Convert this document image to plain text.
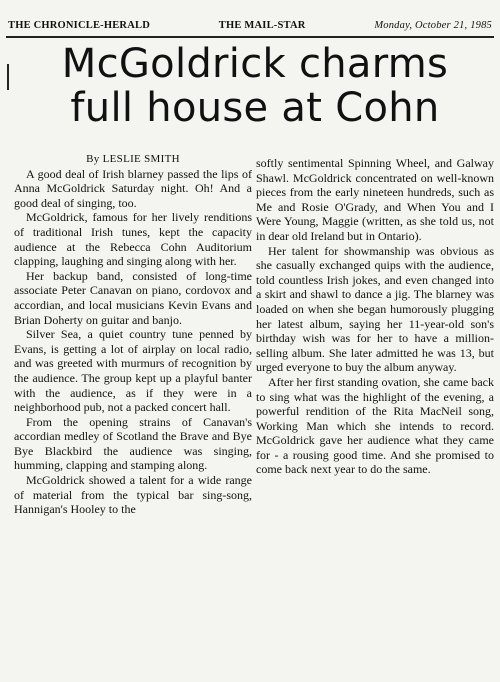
THE CHRONICLE-HERALD	THE MAIL-STAR	Monday, October 21, 1985
McGoldrick charms
full house at Cohn

By LESLIE SMITH

A good deal of Irish blarney passed the lips of Anna McGoldrick Saturday night. Oh! And a good deal of singing, too.

McGoldrick, famous for her lively renditions of traditional Irish tunes, kept the capacity audience at the Rebecca Cohn Auditorium clapping, laughing and singing along with her.

Her backup band, consisted of long-time associate Peter Canavan on piano, cordovox and accordian, and local musicians Kevin Evans and Brian Doherty on guitar and banjo.

Silver Sea, a quiet country tune penned by Evans, is getting a lot of airplay on local radio, and was greeted with murmurs of recognition by the audience. The group kept up a playful banter with the audience, as if they were in a neighborhood pub, not a packed concert hall.

From the opening strains of Canavan's accordian medley of Scotland the Brave and Bye Bye Blackbird the audience was singing, humming, clapping and stamping along.

McGoldrick showed a talent for a wide range of material from the typical bar sing-song, Hannigan's Hooley to the

softly sentimental Spinning Wheel, and Galway Shawl. McGoldrick concentrated on well-known pieces from the early nineteen hundreds, such as Me and Rosie O'Grady, and When You and I Were Young, Maggie (written, as she told us, not in dear old Ireland but in Ontario).

Her talent for showmanship was obvious as she casually exchanged quips with the audience, told countless Irish jokes, and even changed into a skirt and shawl to dance a jig. The blarney was loaded on when she began humorously plugging her latest album, saying her 11-year-old son's birthday wish was for her to have a million-selling album. She later admitted he was 13, but urged everyone to buy the album anyway.

After her first standing ovation, she came back to sing what was the highlight of the evening, a powerful rendition of the Rita MacNeil song, Working Man which she intends to record. McGoldrick gave her audience what they came for - a rousing good time. And she promised to come back next year to do the same.
